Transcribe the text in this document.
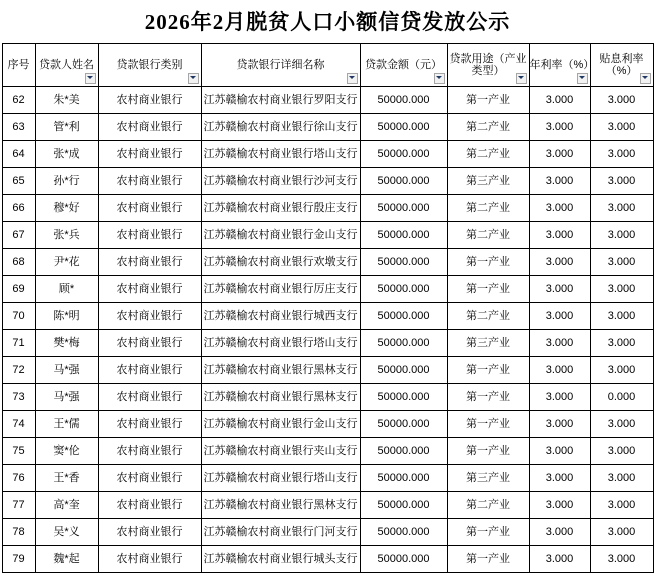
2026年2月脱贫人口小额信贷发放公示
序号	贷款人姓名	贷款银行类别	贷款银行详细名称	贷款金额（元）	贷款用途（产业类型）	年利率（%）	贴息利率（%）

62	朱*美	农村商业银行	江苏赣榆农村商业银行罗阳支行	50000.000	第一产业	3.000	3.000
63	管*利	农村商业银行	江苏赣榆农村商业银行徐山支行	50000.000	第二产业	3.000	3.000
64	张*成	农村商业银行	江苏赣榆农村商业银行塔山支行	50000.000	第二产业	3.000	3.000
65	孙*行	农村商业银行	江苏赣榆农村商业银行沙河支行	50000.000	第三产业	3.000	3.000
66	穆*好	农村商业银行	江苏赣榆农村商业银行殷庄支行	50000.000	第二产业	3.000	3.000
67	张*兵	农村商业银行	江苏赣榆农村商业银行金山支行	50000.000	第二产业	3.000	3.000
68	尹*花	农村商业银行	江苏赣榆农村商业银行欢墩支行	50000.000	第一产业	3.000	3.000
69	顾*	农村商业银行	江苏赣榆农村商业银行厉庄支行	50000.000	第一产业	3.000	3.000
70	陈*明	农村商业银行	江苏赣榆农村商业银行城西支行	50000.000	第二产业	3.000	3.000
71	樊*梅	农村商业银行	江苏赣榆农村商业银行塔山支行	50000.000	第三产业	3.000	3.000
72	马*强	农村商业银行	江苏赣榆农村商业银行黑林支行	50000.000	第一产业	3.000	3.000
73	马*强	农村商业银行	江苏赣榆农村商业银行黑林支行	50000.000	第一产业	3.000	0.000
74	王*儒	农村商业银行	江苏赣榆农村商业银行金山支行	50000.000	第一产业	3.000	3.000
75	窦*伦	农村商业银行	江苏赣榆农村商业银行夹山支行	50000.000	第一产业	3.000	3.000
76	王*香	农村商业银行	江苏赣榆农村商业银行塔山支行	50000.000	第三产业	3.000	3.000
77	高*奎	农村商业银行	江苏赣榆农村商业银行黑林支行	50000.000	第二产业	3.000	3.000
78	吴*义	农村商业银行	江苏赣榆农村商业银行门河支行	50000.000	第一产业	3.000	3.000
79	魏*起	农村商业银行	江苏赣榆农村商业银行城头支行	50000.000	第一产业	3.000	3.000
